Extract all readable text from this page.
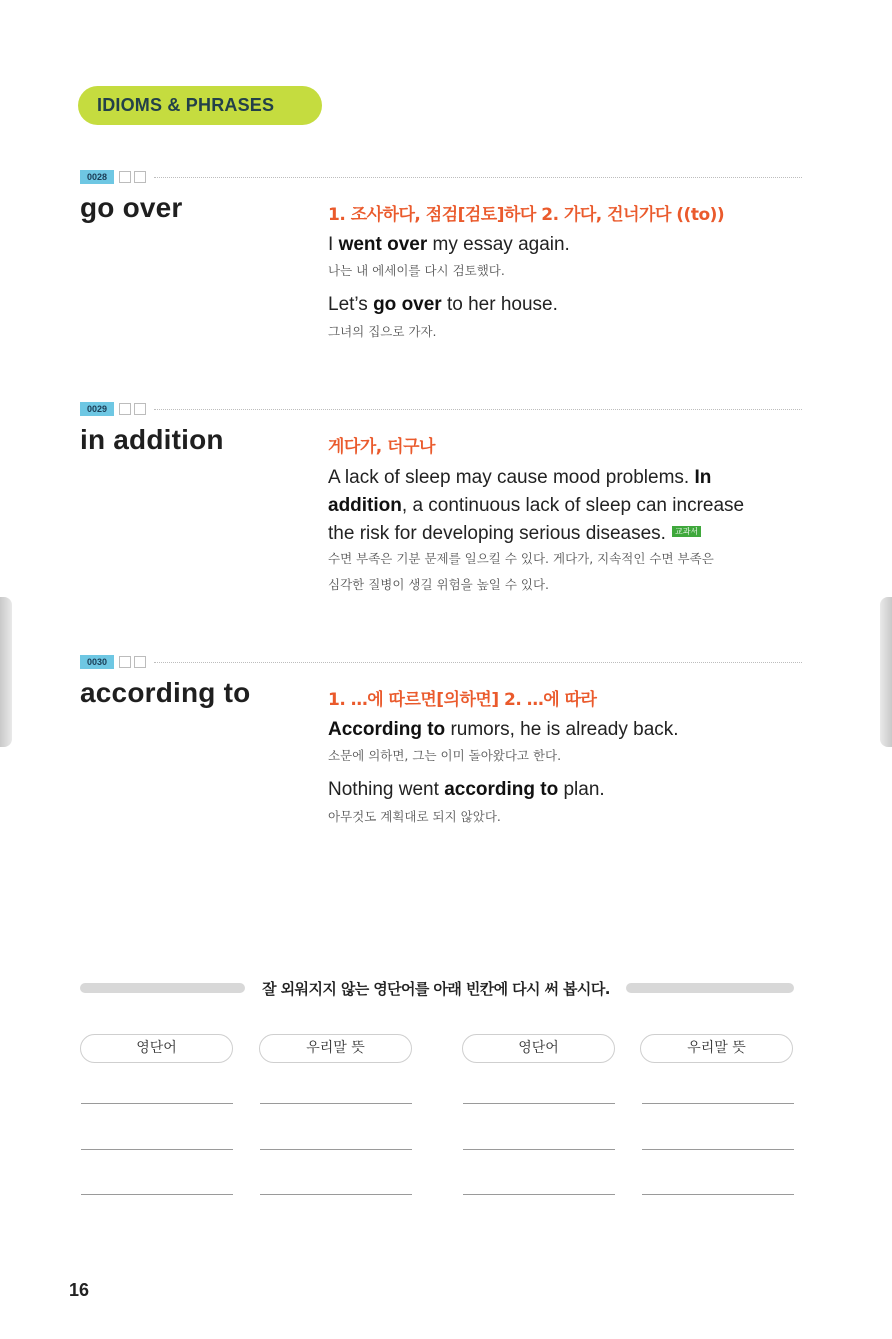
IDIOMS & PHRASES
0028
go over	1. 조사하다, 점검[검토]하다 2. 가다, 건너가다 ((to))
I went over my essay again.
나는 내 에세이를 다시 검토했다.
Let’s go over to her house.
그녀의 집으로 가자.
0029
in addition	게다가, 더구나
A lack of sleep may cause mood problems. In
addition, a continuous lack of sleep can increase
the risk for developing serious diseases. 교과서
수면 부족은 기분 문제를 일으킬 수 있다. 게다가, 지속적인 수면 부족은
심각한 질병이 생길 위험을 높일 수 있다.
0030
according to	1. …에 따르면[의하면] 2. …에 따라
According to rumors, he is already back.
소문에 의하면, 그는 이미 돌아왔다고 한다.
Nothing went according to plan.
아무것도 계획대로 되지 않았다.
잘 외워지지 않는 영단어를 아래 빈칸에 다시 써 봅시다.
영단어	우리말 뜻	영단어	우리말 뜻
16
